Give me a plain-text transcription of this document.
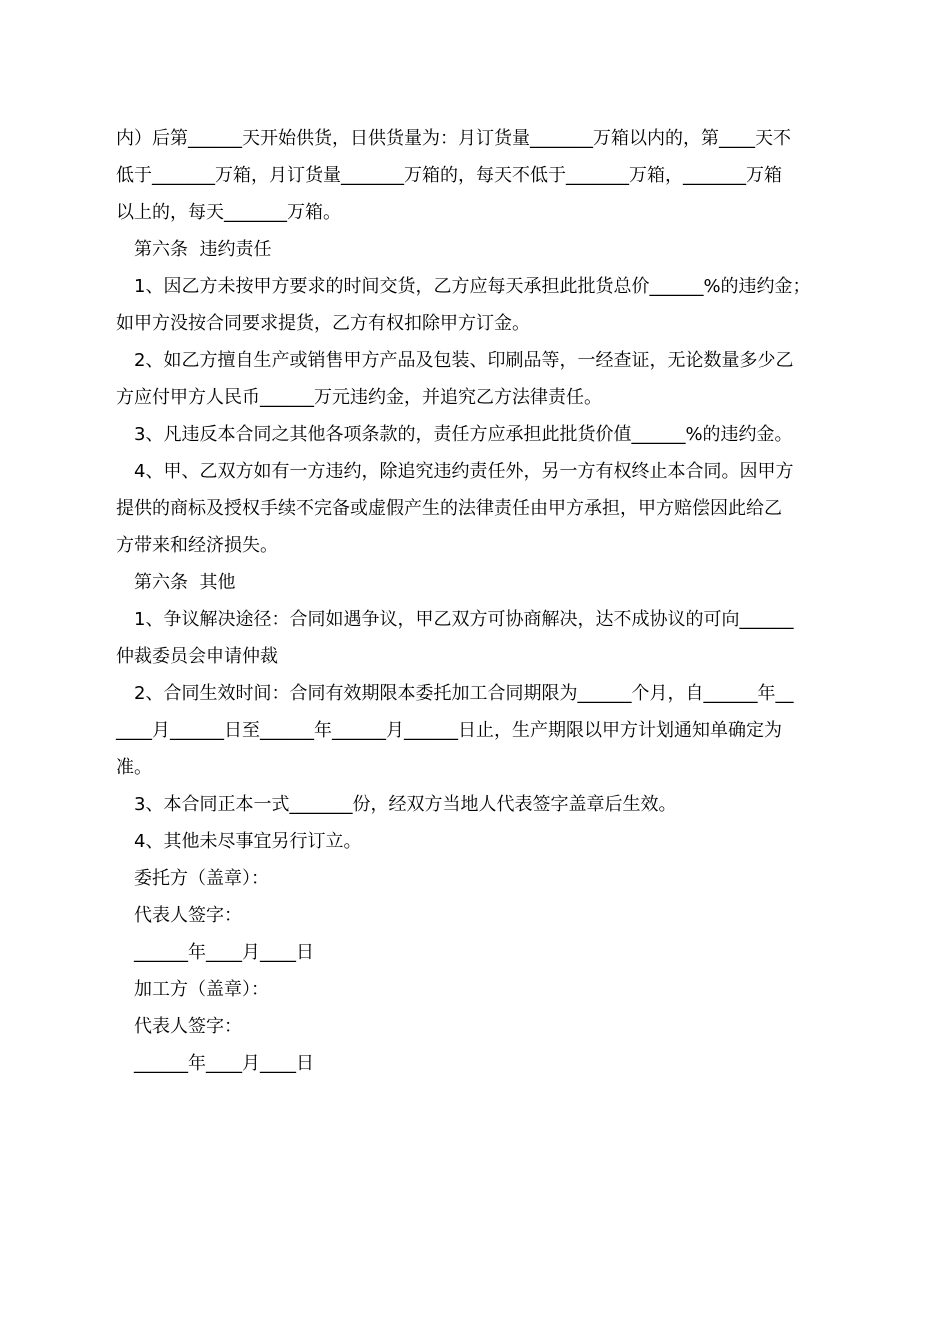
内）后第______天开始供货，日供货量为：月订货量_______万箱以内的，第____天不
低于_______万箱，月订货量_______万箱的，每天不低于_______万箱，_______万箱
以上的，每天_______万箱。
第六条  违约责任
1、因乙方未按甲方要求的时间交货，乙方应每天承担此批货总价______%的违约金；
如甲方没按合同要求提货，乙方有权扣除甲方订金。
2、如乙方擅自生产或销售甲方产品及包装、印刷品等，一经查证，无论数量多少乙
方应付甲方人民币______万元违约金，并追究乙方法律责任。
3、凡违反本合同之其他各项条款的，责任方应承担此批货价值______%的违约金。
4、甲、乙双方如有一方违约，除追究违约责任外，另一方有权终止本合同。因甲方
提供的商标及授权手续不完备或虚假产生的法律责任由甲方承担，甲方赔偿因此给乙
方带来和经济损失。
第六条  其他
1、争议解决途径：合同如遇争议，甲乙双方可协商解决，达不成协议的可向______
仲裁委员会申请仲裁
2、合同生效时间：合同有效期限本委托加工合同期限为______个月，自______年__
____月______日至______年______月______日止，生产期限以甲方计划通知单确定为
准。
3、本合同正本一式_______份，经双方当地人代表签字盖章后生效。
4、其他未尽事宜另行订立。
委托方（盖章）：
代表人签字：
______年____月____日
加工方（盖章）：
代表人签字：
______年____月____日
